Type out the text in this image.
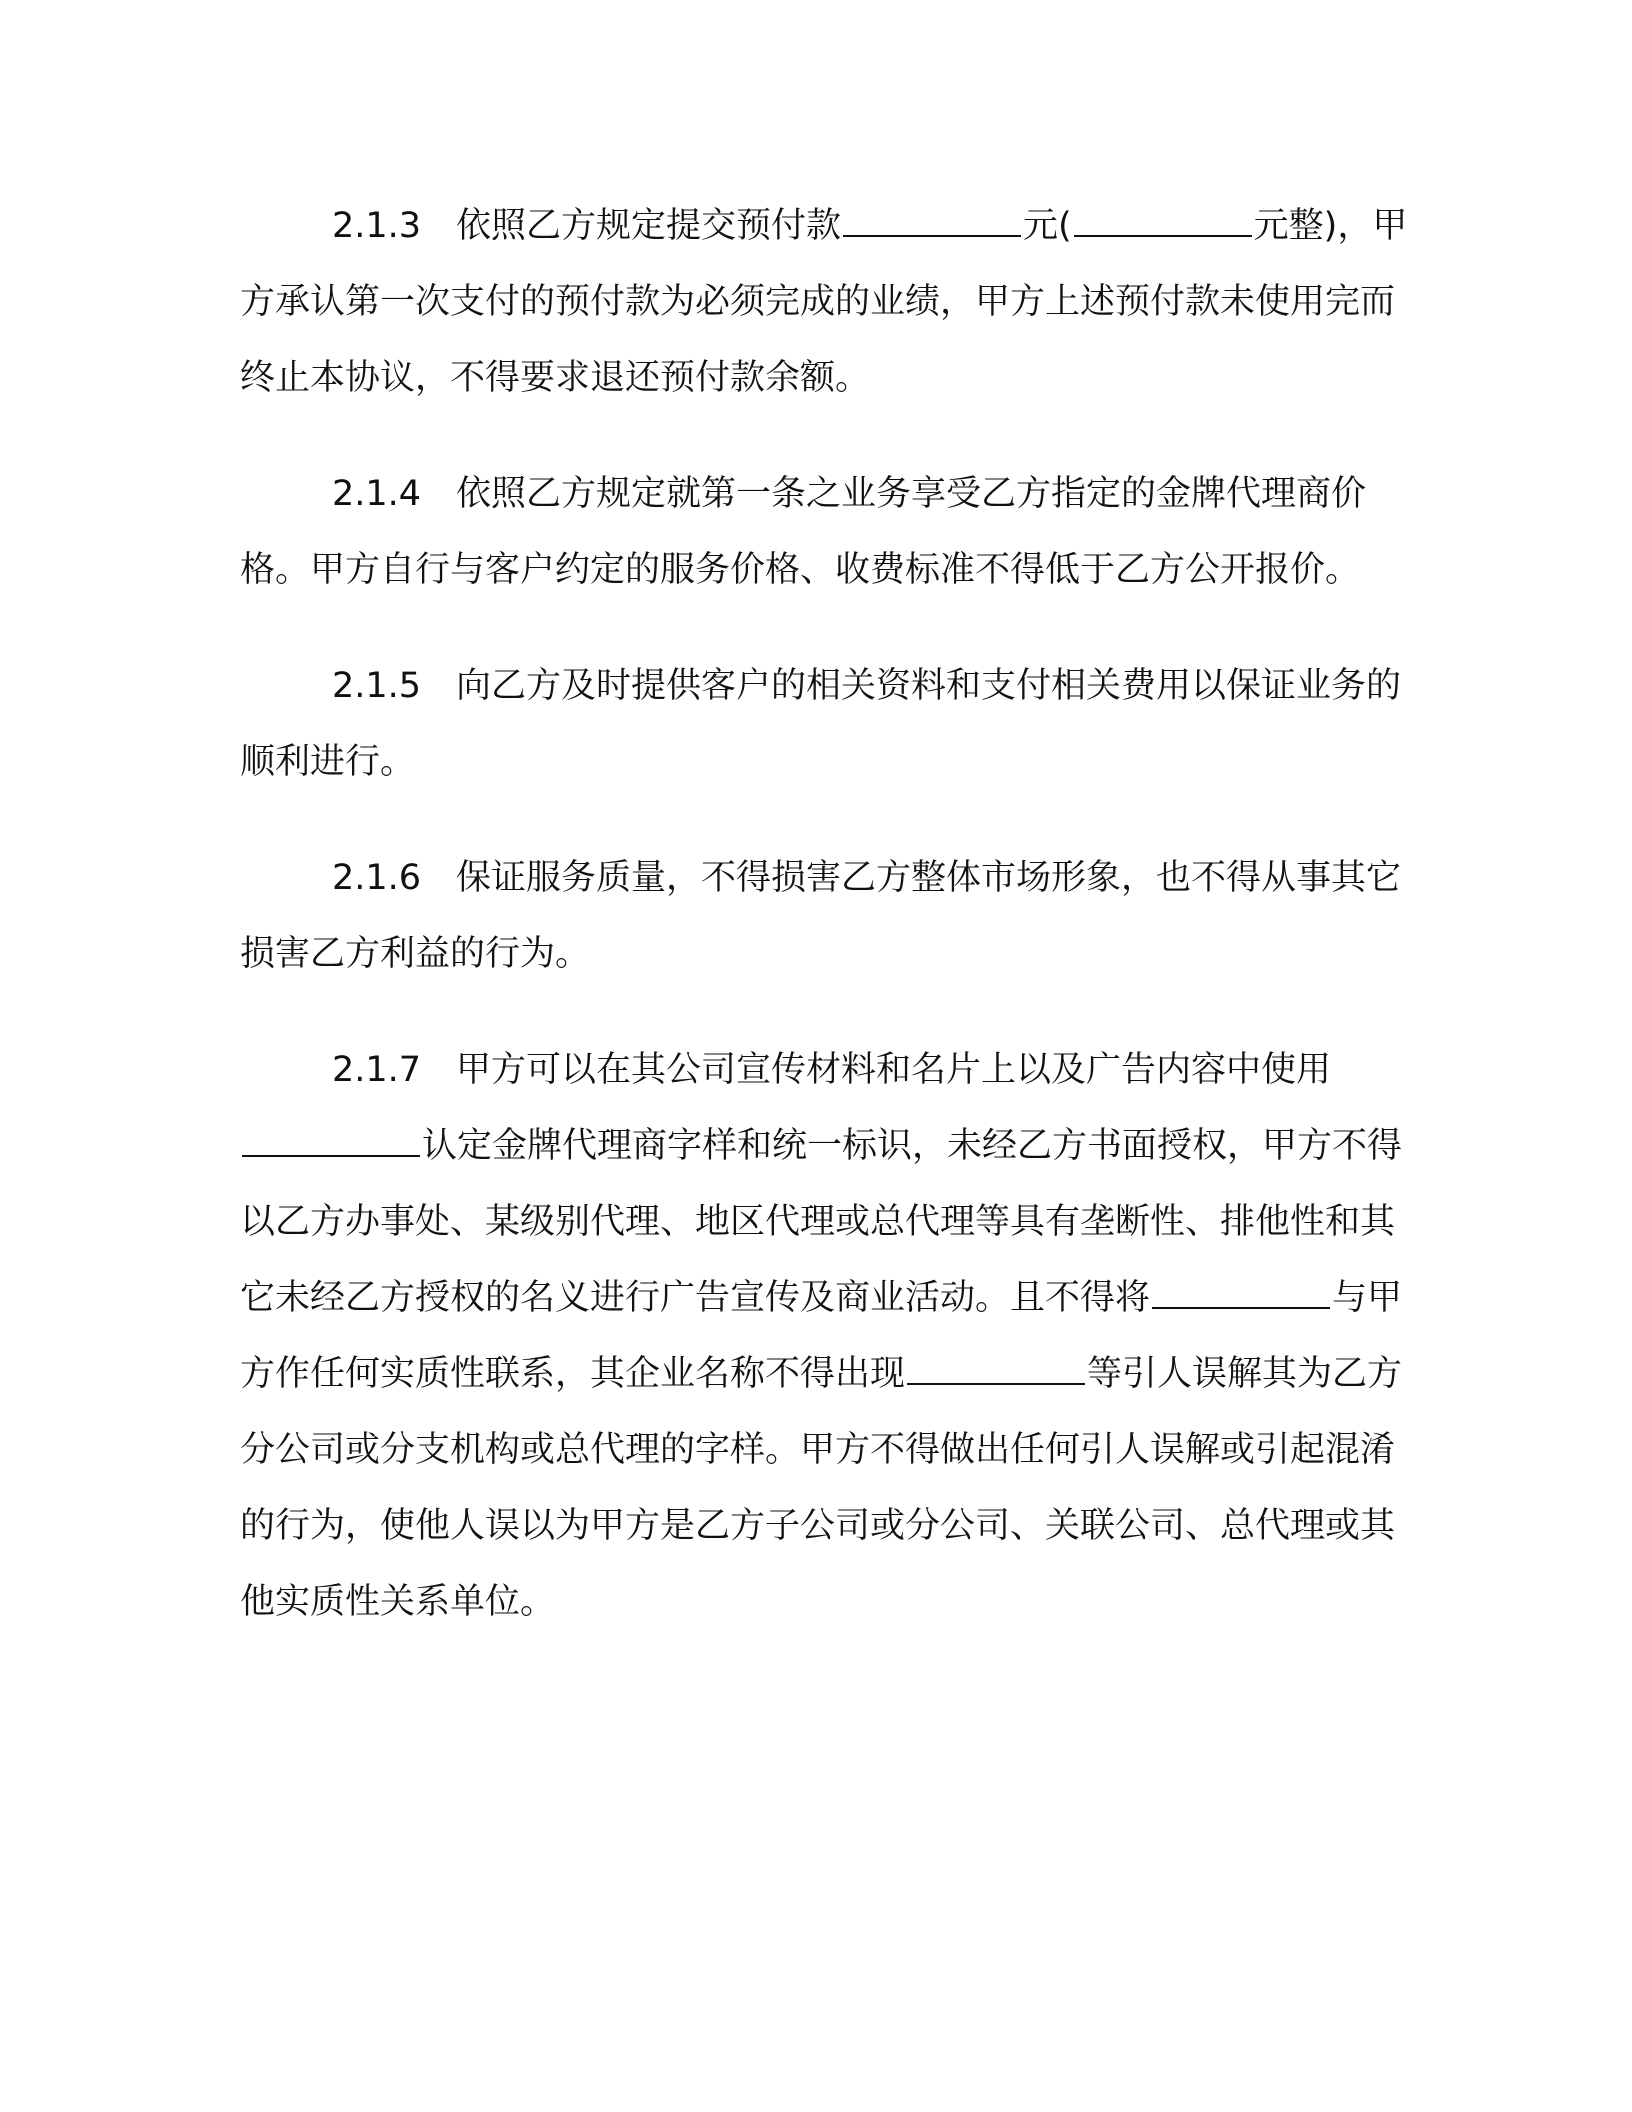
2.1.3 依照乙方规定提交预付款	元(	元整)，甲方承认第一次支付的预付款为必须完成的业绩，甲方上述预付款未使用完而终止本协议，不得要求退还预付款余额。

2.1.4 依照乙方规定就第一条之业务享受乙方指定的金牌代理商价格。甲方自行与客户约定的服务价格、收费标准不得低于乙方公开报价。

2.1.5 向乙方及时提供客户的相关资料和支付相关费用以保证业务的顺利进行。

2.1.6 保证服务质量，不得损害乙方整体市场形象，也不得从事其它损害乙方利益的行为。

2.1.7 甲方可以在其公司宣传材料和名片上以及广告内容中使用认定金牌代理商字样和统一标识，未经乙方书面授权，甲方不得以乙方办事处、某级别代理、地区代理或总代理等具有垄断性、排他性和其它未经乙方授权的名义进行广告宣传及商业活动。且不得将	与甲方作任何实质性联系，其企业名称不得出现	等引人误解其为乙方分公司或分支机构或总代理的字样。甲方不得做出任何引人误解或引起混淆的行为，使他人误以为甲方是乙方子公司或分公司、关联公司、总代理或其他实质性关系单位。
